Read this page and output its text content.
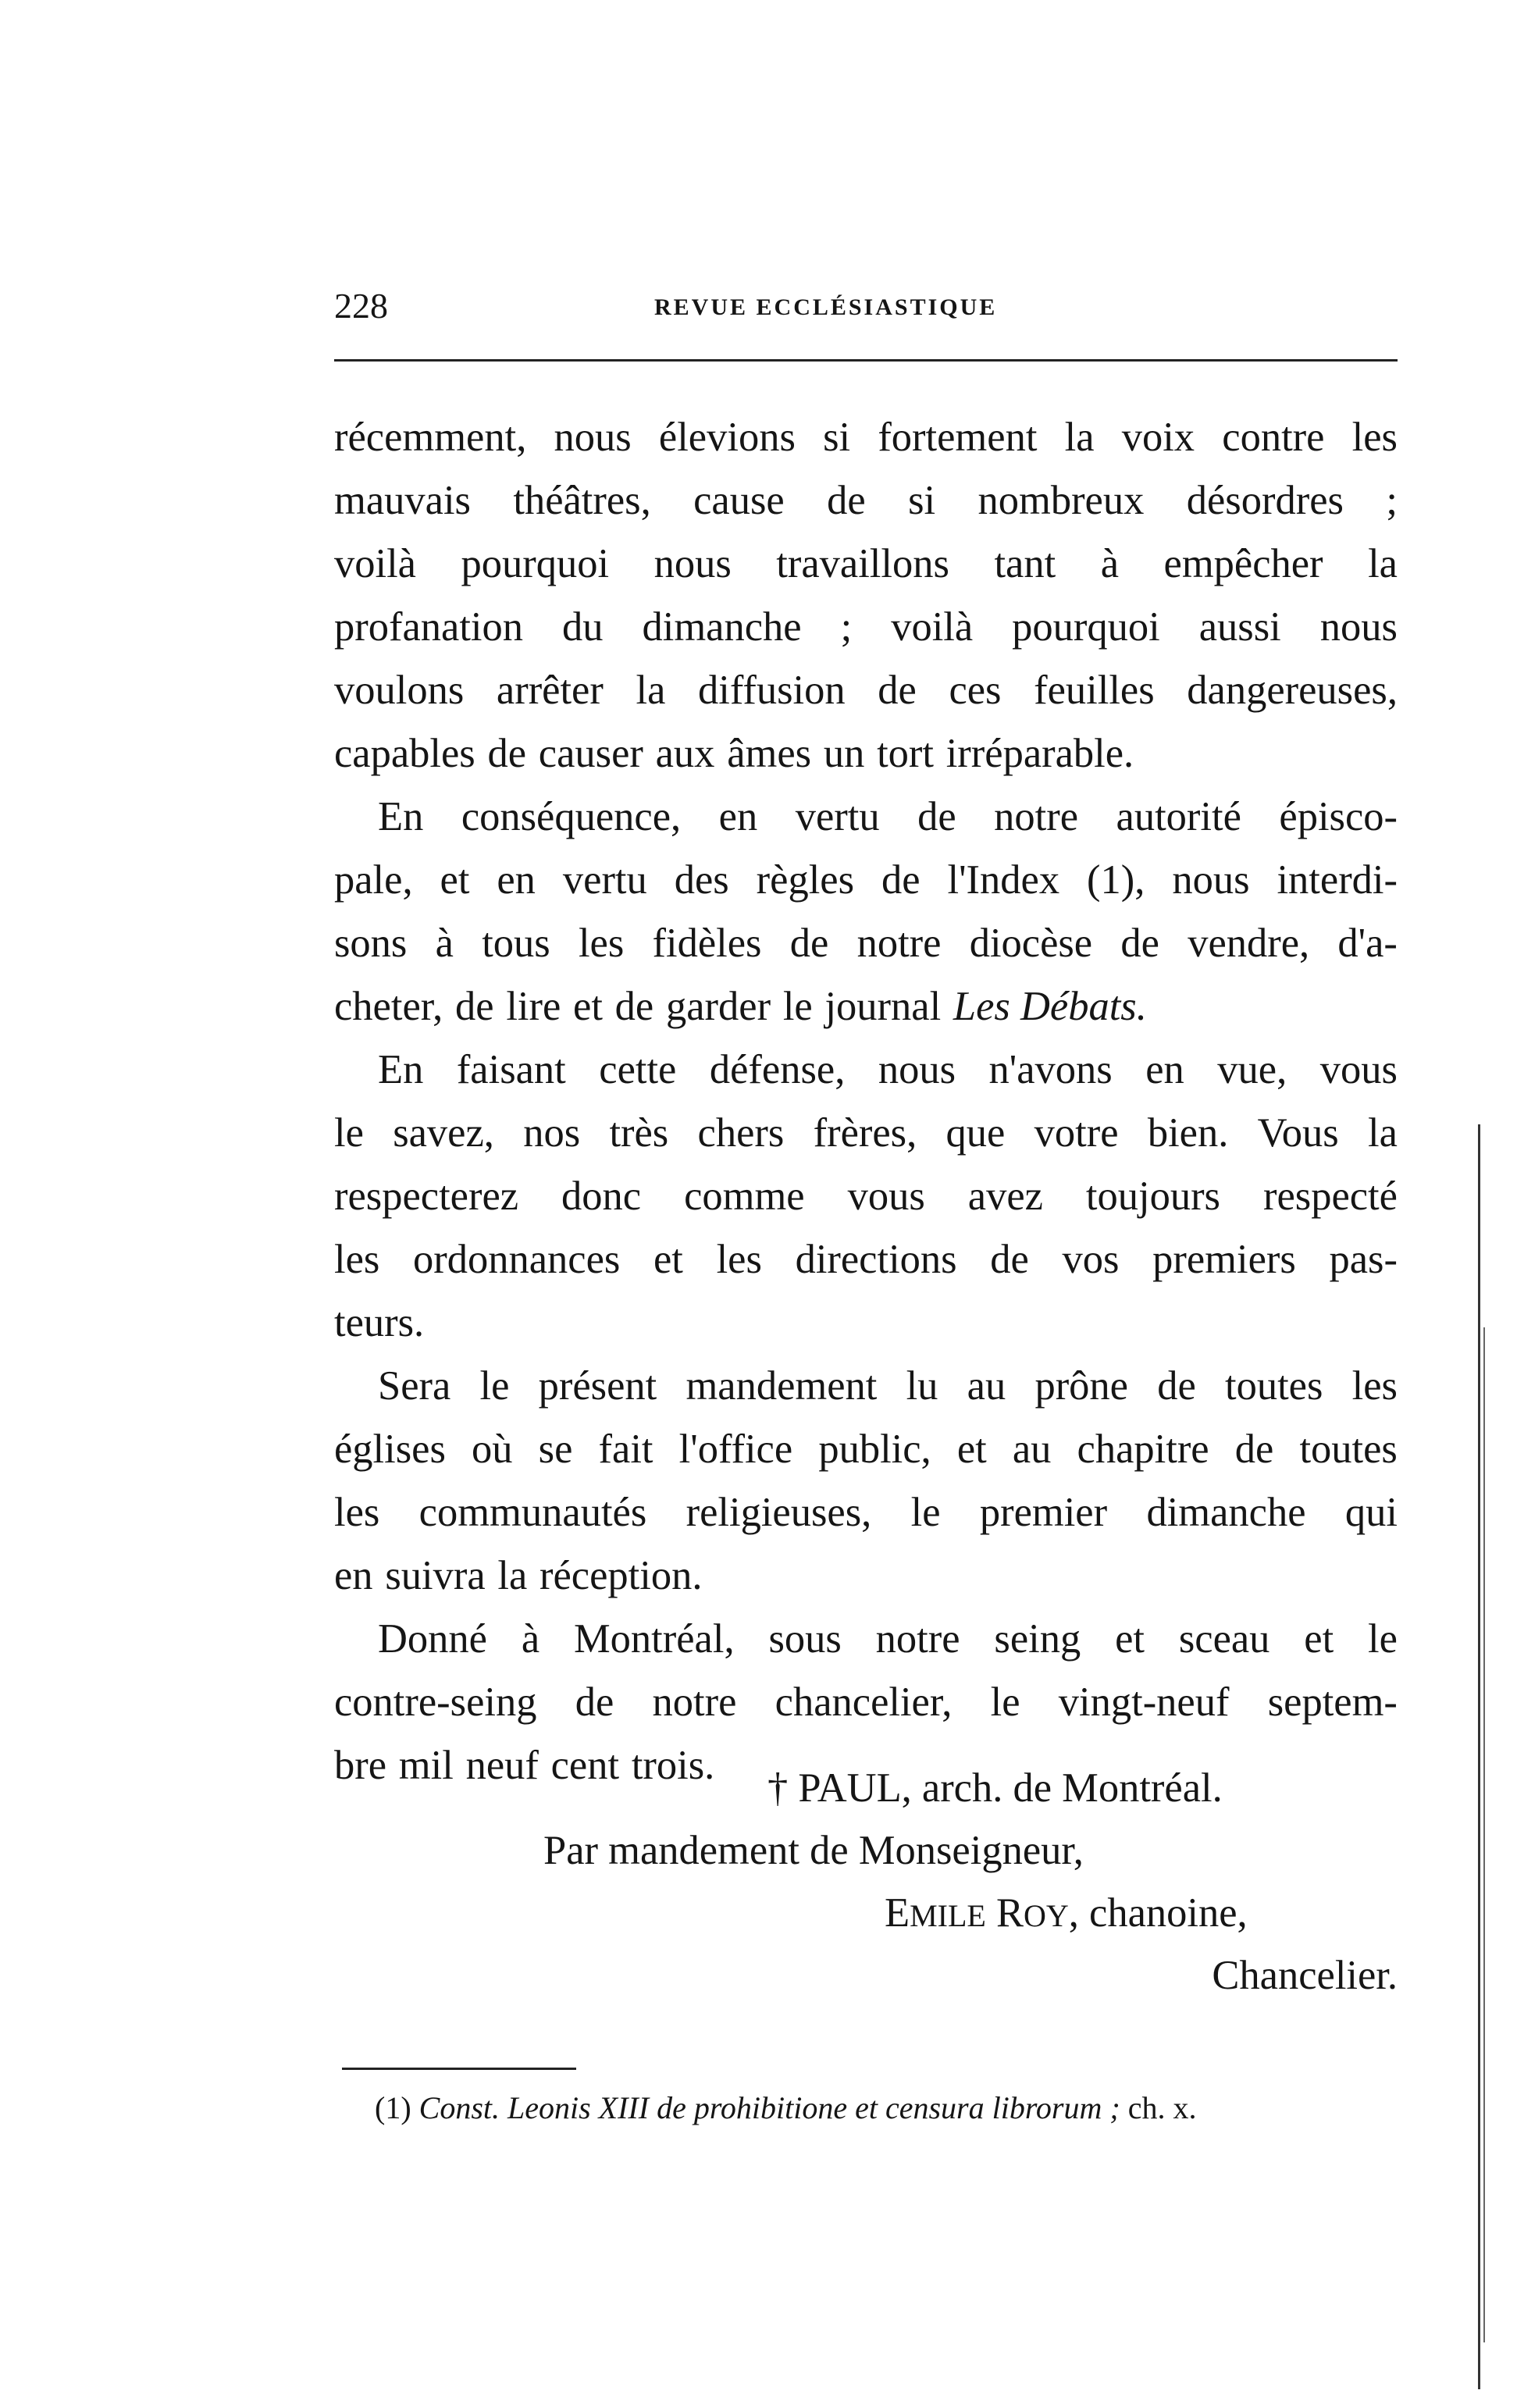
228	REVUE ECCLÉSIASTIQUE
récemment, nous élevions si fortement la voix contre les
mauvais théâtres, cause de si nombreux désordres ;
voilà pourquoi nous travaillons tant à empêcher la
profanation du dimanche ; voilà pourquoi aussi nous
voulons arrêter la diffusion de ces feuilles dangereuses,
capables de causer aux âmes un tort irréparable.
En conséquence, en vertu de notre autorité épisco-
pale, et en vertu des règles de l'Index (1), nous interdi-
sons à tous les fidèles de notre diocèse de vendre, d'a-
cheter, de lire et de garder le journal Les Débats.
En faisant cette défense, nous n'avons en vue, vous
le savez, nos très chers frères, que votre bien. Vous la
respecterez donc comme vous avez toujours respecté
les ordonnances et les directions de vos premiers pas-
teurs.
Sera le présent mandement lu au prône de toutes les
églises où se fait l'office public, et au chapitre de toutes
les communautés religieuses, le premier dimanche qui
en suivra la réception.
Donné à Montréal, sous notre seing et sceau et le
contre-seing de notre chancelier, le vingt-neuf septem-
bre mil neuf cent trois.	† PAUL, arch. de Montréal.
Par mandement de Monseigneur,
EMILE ROY, chanoine,
Chancelier.
(1) Const. Leonis XIII de prohibitione et censura librorum ; ch. x.
